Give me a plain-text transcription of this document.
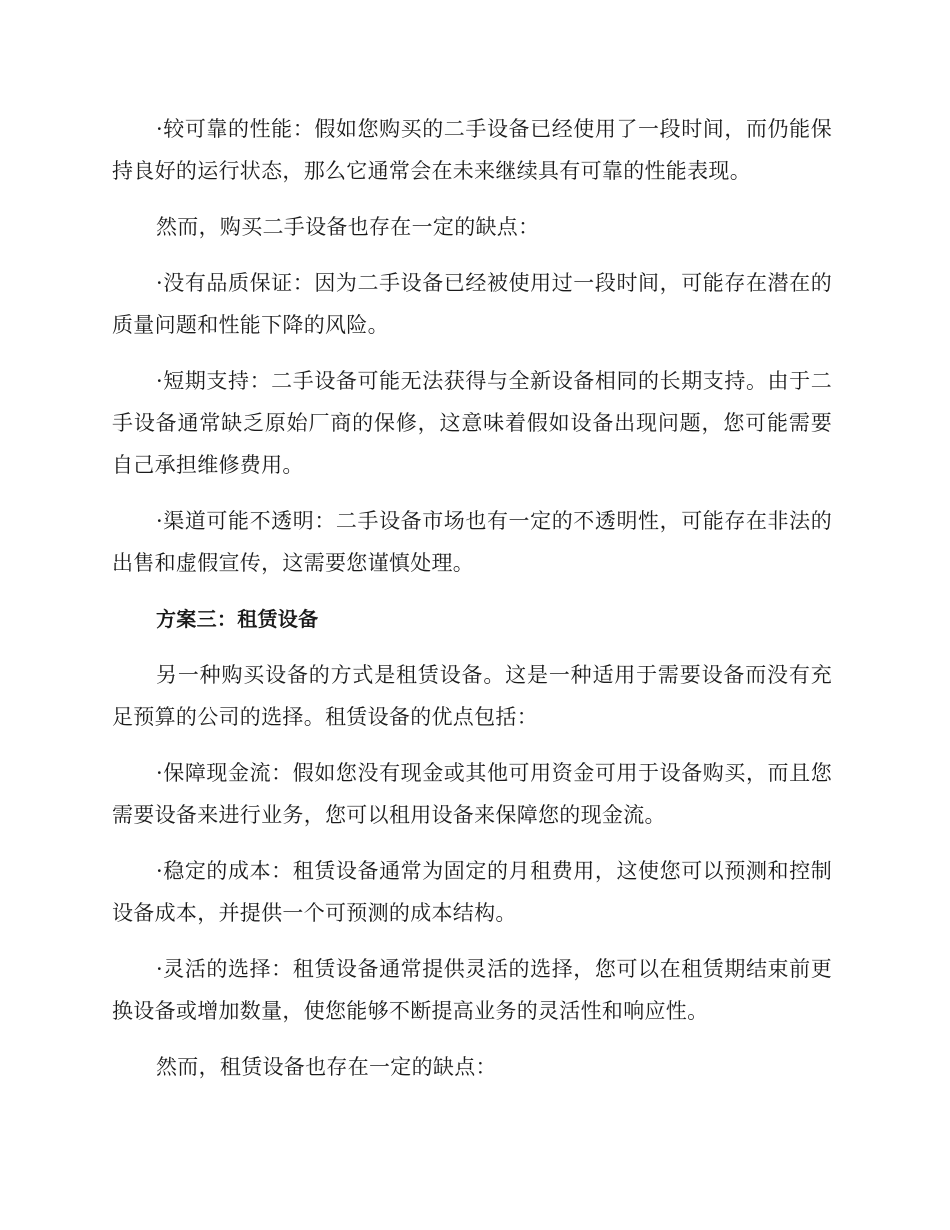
·较可靠的性能：假如您购买的二手设备已经使用了一段时间，而仍能保持良好的运行状态，那么它通常会在未来继续具有可靠的性能表现。

然而，购买二手设备也存在一定的缺点：

·没有品质保证：因为二手设备已经被使用过一段时间，可能存在潜在的质量问题和性能下降的风险。

·短期支持：二手设备可能无法获得与全新设备相同的长期支持。由于二手设备通常缺乏原始厂商的保修，这意味着假如设备出现问题，您可能需要自己承担维修费用。

·渠道可能不透明：二手设备市场也有一定的不透明性，可能存在非法的出售和虚假宣传，这需要您谨慎处理。

方案三：租赁设备

另一种购买设备的方式是租赁设备。这是一种适用于需要设备而没有充足预算的公司的选择。租赁设备的优点包括：

·保障现金流：假如您没有现金或其他可用资金可用于设备购买，而且您需要设备来进行业务，您可以租用设备来保障您的现金流。

·稳定的成本：租赁设备通常为固定的月租费用，这使您可以预测和控制设备成本，并提供一个可预测的成本结构。

·灵活的选择：租赁设备通常提供灵活的选择，您可以在租赁期结束前更换设备或增加数量，使您能够不断提高业务的灵活性和响应性。

然而，租赁设备也存在一定的缺点：
